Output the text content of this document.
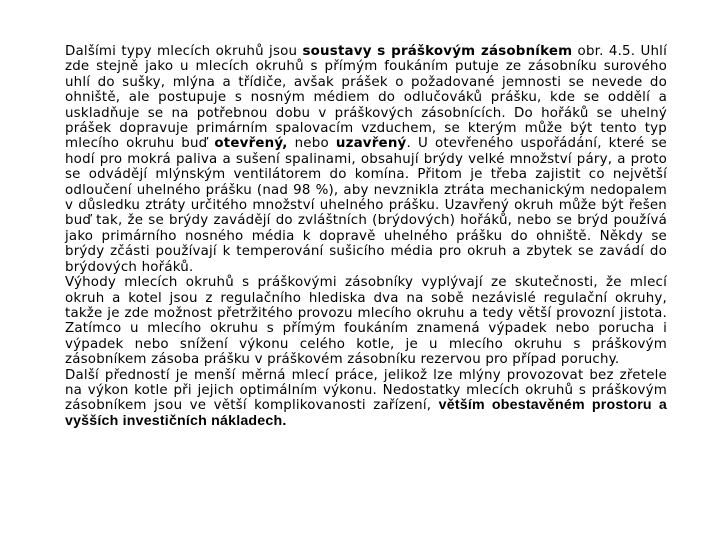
Dalšími typy mlecích okruhů jsou soustavy s práškovým zásobníkem obr. 4.5. Uhlí zde stejně jako u mlecích okruhů s přímým foukáním putuje ze zásobníku surového uhlí do sušky, mlýna a třídiče, avšak prášek o požadované jemnosti se nevede do ohniště, ale postupuje s nosným médiem do odlučováků prášku, kde se oddělí a uskladňuje se na potřebnou dobu v práškových zásobnících. Do hořáků se uhelný prášek dopravuje primárním spalovacím vzduchem, se kterým může být tento typ mlecího okruhu buď otevřený, nebo uzavřený. U otevřeného uspořádání, které se hodí pro mokrá paliva a sušení spalinami, obsahují brýdy velké množství páry, a proto se odvádějí mlýnským ventilátorem do komína. Přitom je třeba zajistit co největší odloučení uhelného prášku (nad 98 %), aby nevznikla ztráta mechanickým nedopalem v důsledku ztráty určitého množství uhelného prášku. Uzavřený okruh může být řešen buď tak, že se brýdy zavádějí do zvláštních (brýdových) hořáků, nebo se brýd používá jako primárního nosného média k dopravě uhelného prášku do ohniště. Někdy se brýdy zčásti používají k temperování sušicího média pro okruh a zbytek se zavádí do brýdových hořáků.

Výhody mlecích okruhů s práškovými zásobníky vyplývají ze skutečnosti, že mlecí okruh a kotel jsou z regulačního hlediska dva na sobě nezávislé regulační okruhy, takže je zde možnost přetržitého provozu mlecího okruhu a tedy větší provozní jistota. Zatímco u mlecího okruhu s přímým foukáním znamená výpadek nebo porucha i výpadek nebo snížení výkonu celého kotle, je u mlecího okruhu s práškovým zásobníkem zásoba prášku v práškovém zásobníku rezervou pro případ poruchy.

Další předností je menší měrná mlecí práce, jelikož lze mlýny provozovat bez zřetele na výkon kotle při jejich optimálním výkonu. Nedostatky mlecích okruhů s práškovým zásobníkem jsou ve větší komplikovanosti zařízení, větším obestavěném prostoru a vyšších investičních nákladech.
